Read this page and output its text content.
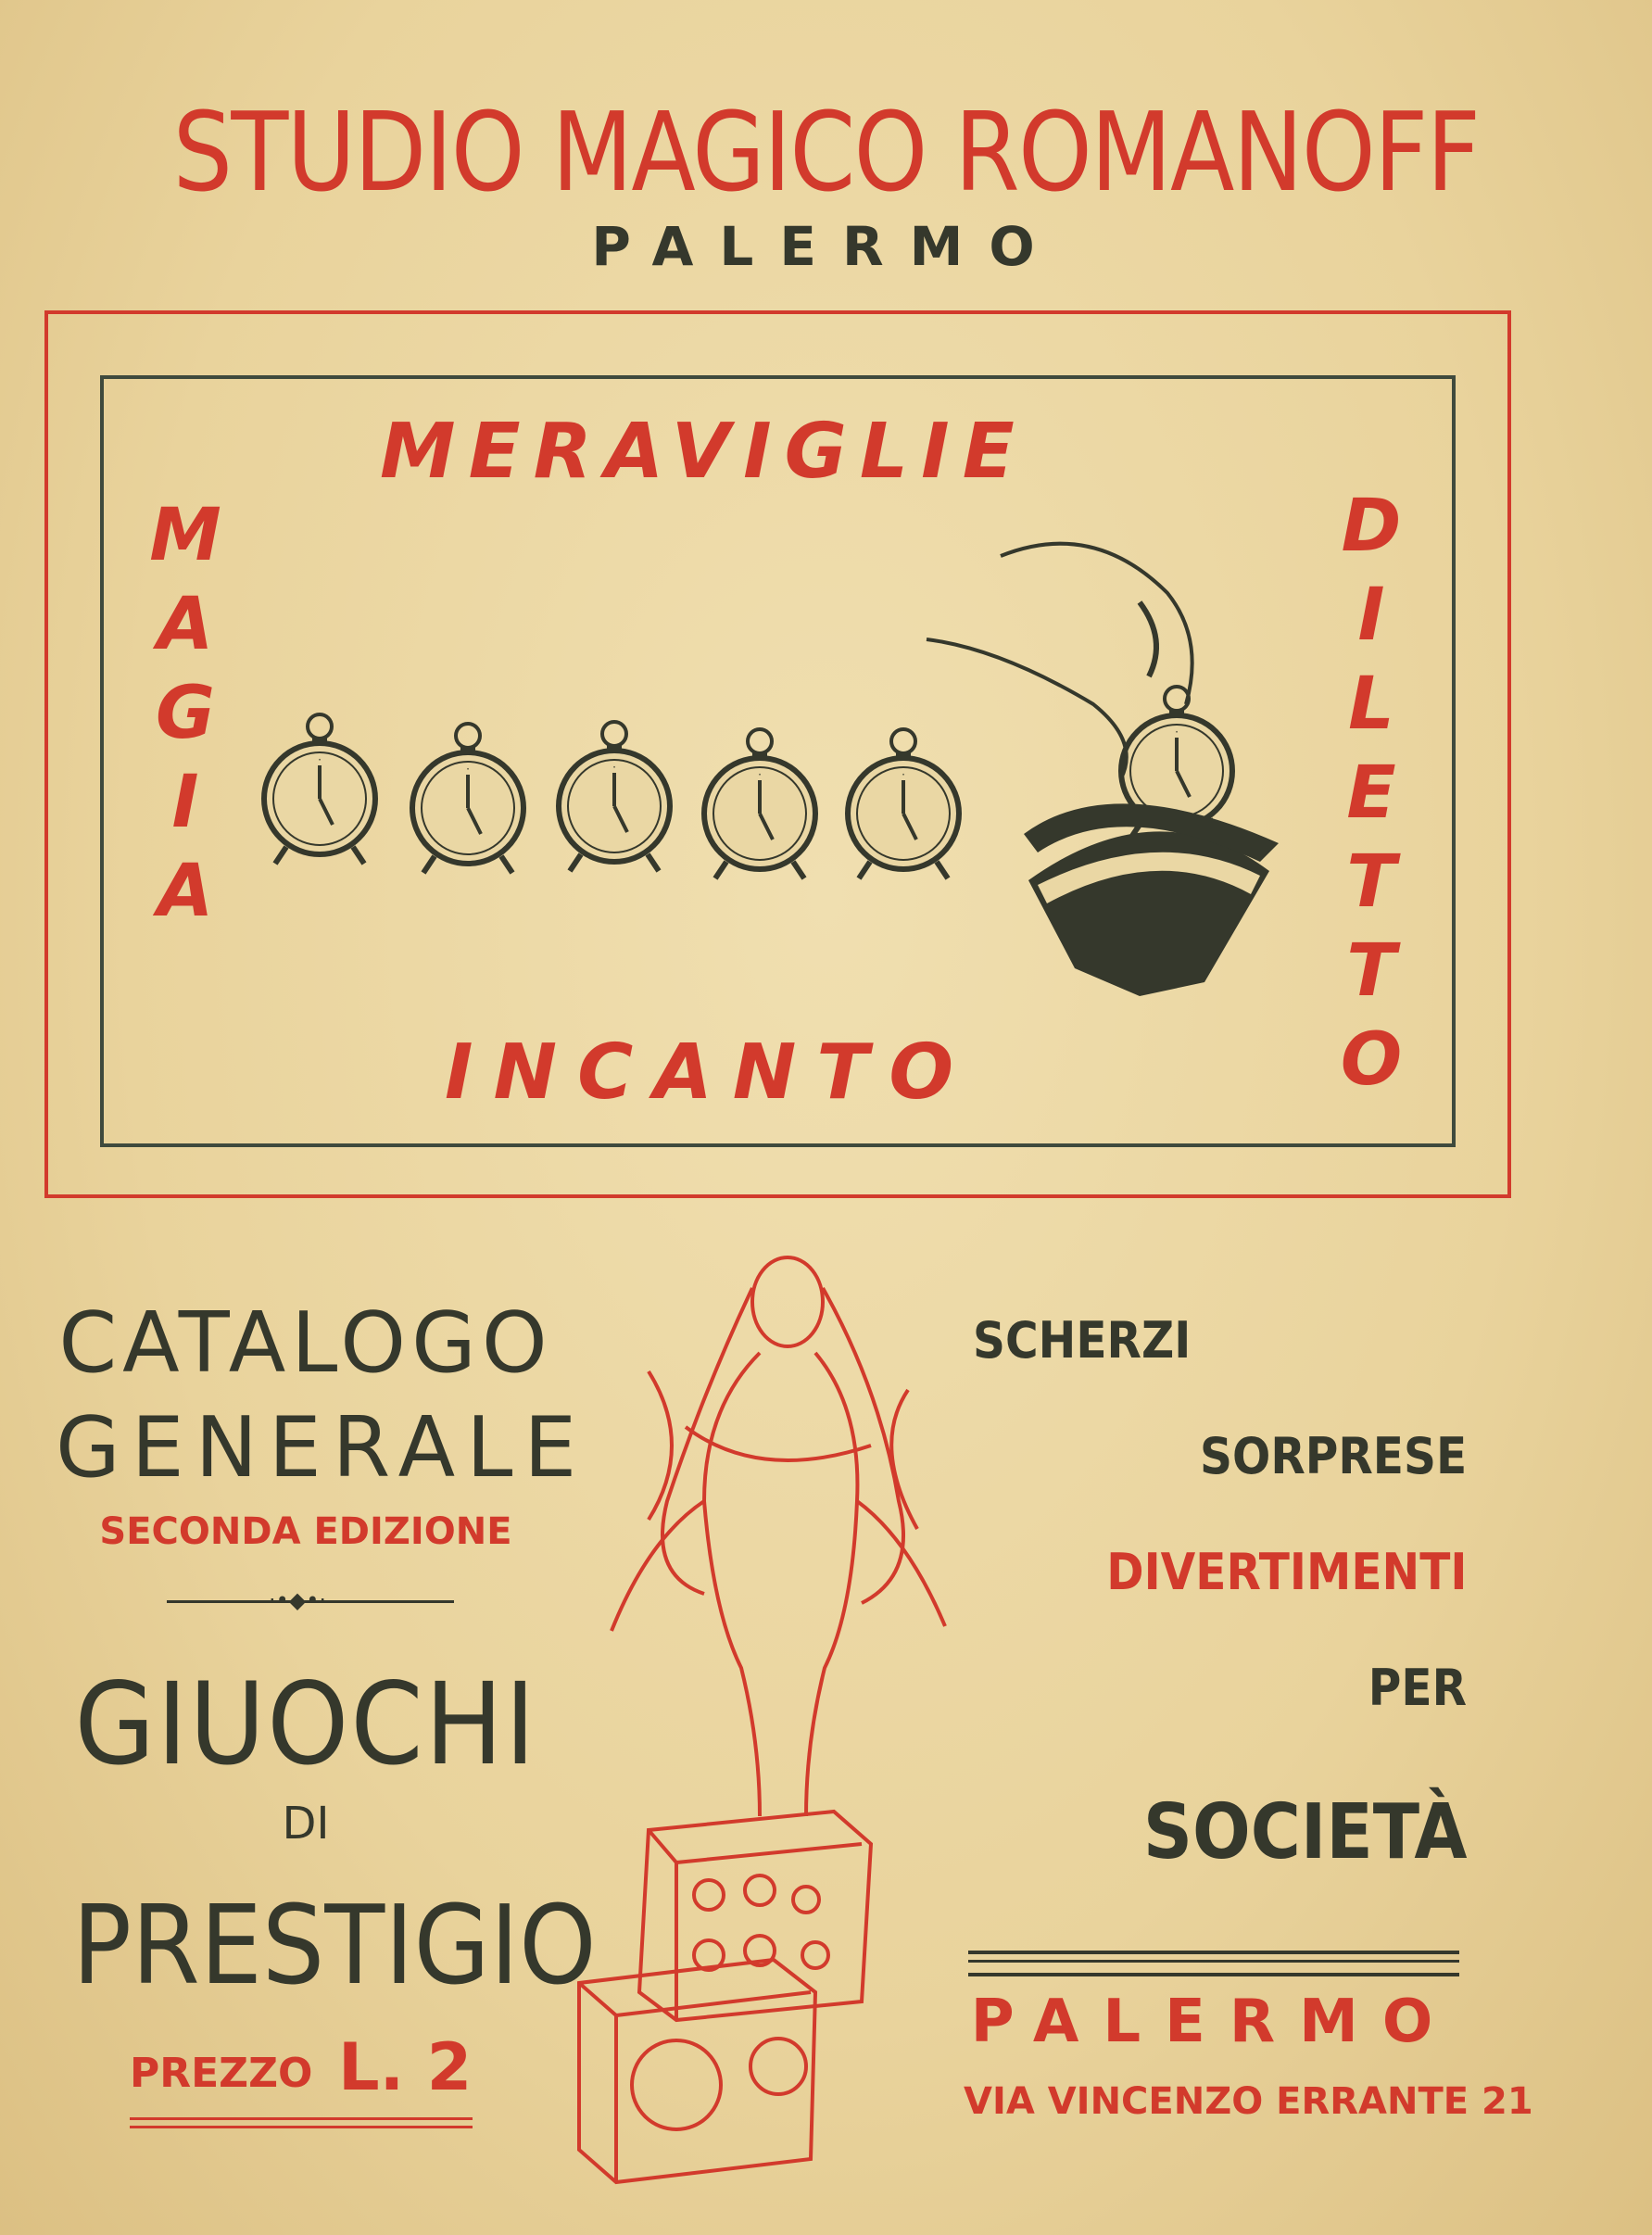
STUDIO MAGICO ROMANOFF
PALERMO
MERAVIGLIE
INCANTO
M
A
G
I
A
D
I
L
E
T
T
O
CATALOGO
GENERALE
SECONDA EDIZIONE
·•◆•·
GIUOCHI
DI
PRESTIGIO
PREZZO L. 2
SCHERZI
SORPRESE
DIVERTIMENTI
PER
SOCIETÀ
PALERMO
VIA VINCENZO ERRANTE 21
